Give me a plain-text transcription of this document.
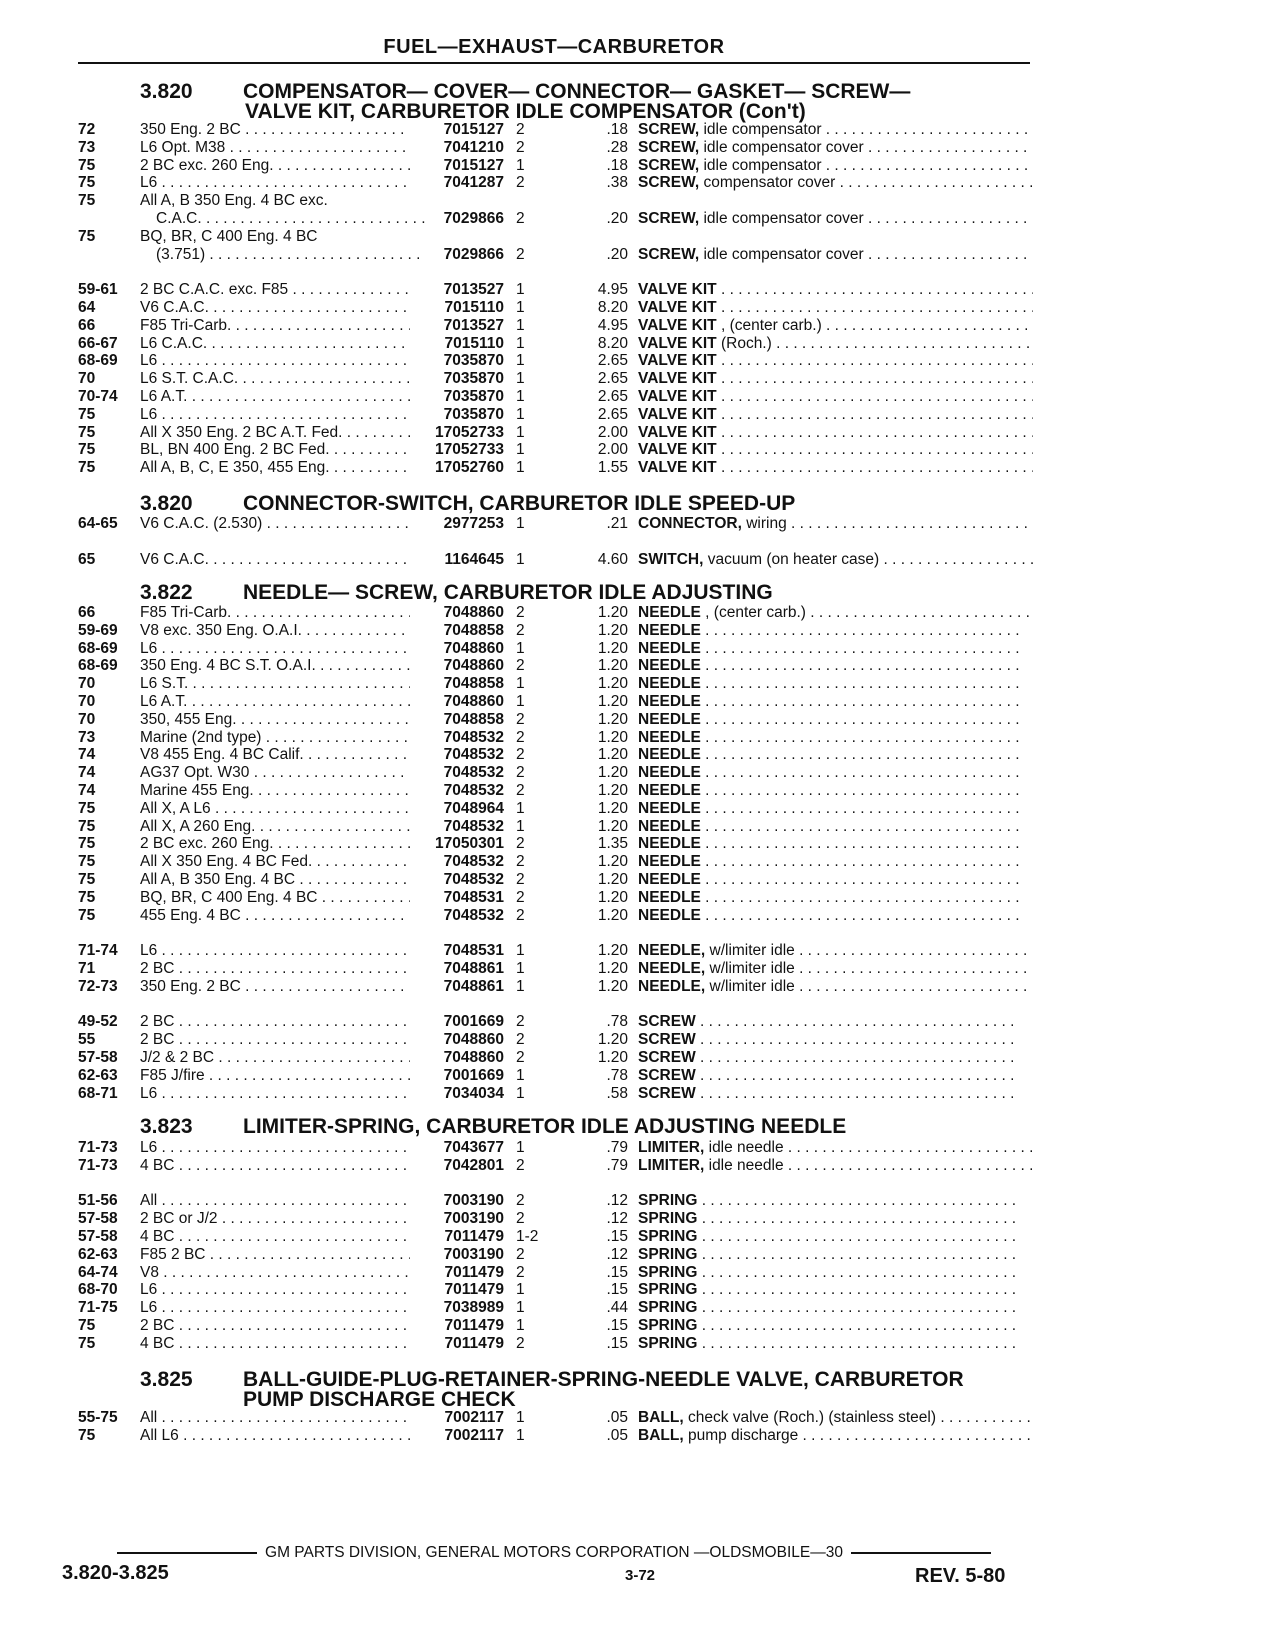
FUEL—EXHAUST—CARBURETOR
3.820 COMPENSATOR— COVER— CONNECTOR— GASKET— SCREW—
VALVE KIT, CARBURETOR IDLE COMPENSATOR (Con't)
72	350 Eng. 2 BC . . .	7015127 2	.18 SCREW, idle compensator . . .
73	L6 Opt. M38 . . .	7041210 2	.28 SCREW, idle compensator cover . . .
75	2 BC exc. 260 Eng. . . .	7015127 1	.18 SCREW, idle compensator . . .
75	L6 . . .	7041287 2	.38 SCREW, compensator cover . . .
75	All A, B 350 Eng. 4 BC exc.
C.A.C. . . .	7029866 2	.20 SCREW, idle compensator cover . . .
75	BQ, BR, C 400 Eng. 4 BC
(3.751) . . .	7029866 2	.20 SCREW, idle compensator cover . . .
59-61 2 BC C.A.C. exc. F85 . . .	7013527 1	4.95 VALVE KIT . . .
64	V6 C.A.C. . . .	7015110 1	8.20 VALVE KIT . . .
66	F85 Tri-Carb. . . .	7013527 1	4.95 VALVE KIT , (center carb.) . . .
66-67 L6 C.A.C. . . .	7015110 1	8.20 VALVE KIT (Roch.) . . .
68-69 L6 . . .	7035870 1	2.65 VALVE KIT . . .
70	L6 S.T. C.A.C. . . .	7035870 1	2.65 VALVE KIT . . .
70-74 L6 A.T. . . .	7035870 1	2.65 VALVE KIT . . .
75	L6 . . .	7035870 1	2.65 VALVE KIT . . .
75	All X 350 Eng. 2 BC A.T. Fed. . . .	17052733 1	2.00 VALVE KIT . . .
75	BL, BN 400 Eng. 2 BC Fed. . . .	17052733 1	2.00 VALVE KIT . . .
75	All A, B, C, E 350, 455 Eng. . . .	17052760 1	1.55 VALVE KIT . . .
3.820 CONNECTOR-SWITCH, CARBURETOR IDLE SPEED-UP
64-65 V6 C.A.C. (2.530) . . .	2977253 1	.21 CONNECTOR, wiring . . .
65	V6 C.A.C. . . .	1164645 1	4.60 SWITCH, vacuum (on heater case) . . .
3.822 NEEDLE— SCREW, CARBURETOR IDLE ADJUSTING
66	F85 Tri-Carb. . . .	7048860 2	1.20 NEEDLE , (center carb.) . . .
59-69 V8 exc. 350 Eng. O.A.I. . . .	7048858 2	1.20 NEEDLE . . .
68-69 L6 . . .	7048860 1	1.20 NEEDLE . . .
68-69 350 Eng. 4 BC S.T. O.A.I. . . .	7048860 2	1.20 NEEDLE . . .
70	L6 S.T. . . .	7048858 1	1.20 NEEDLE . . .
70	L6 A.T. . . .	7048860 1	1.20 NEEDLE . . .
70	350, 455 Eng. . . .	7048858 2	1.20 NEEDLE . . .
73	Marine (2nd type) . . .	7048532 2	1.20 NEEDLE . . .
74	V8 455 Eng. 4 BC Calif. . . .	7048532 2	1.20 NEEDLE . . .
74	AG37 Opt. W30 . . .	7048532 2	1.20 NEEDLE . . .
74	Marine 455 Eng. . . .	7048532 2	1.20 NEEDLE . . .
75	All X, A L6 . . .	7048964 1	1.20 NEEDLE . . .
75	All X, A 260 Eng. . . .	7048532 1	1.20 NEEDLE . . .
75	2 BC exc. 260 Eng. . . .	17050301 2	1.35 NEEDLE . . .
75	All X 350 Eng. 4 BC Fed. . . .	7048532 2	1.20 NEEDLE . . .
75	All A, B 350 Eng. 4 BC . . .	7048532 2	1.20 NEEDLE . . .
75	BQ, BR, C 400 Eng. 4 BC . . .	7048531 2	1.20 NEEDLE . . .
75	455 Eng. 4 BC . . .	7048532 2	1.20 NEEDLE . . .
71-74 L6 . . .	7048531 1	1.20 NEEDLE, w/limiter idle . . .
71	2 BC . . .	7048861 1	1.20 NEEDLE, w/limiter idle . . .
72-73 350 Eng. 2 BC . . .	7048861 1	1.20 NEEDLE, w/limiter idle . . .
49-52 2 BC . . .	7001669 2	.78 SCREW . . .
55	2 BC . . .	7048860 2	1.20 SCREW . . .
57-58 J/2 & 2 BC . . .	7048860 2	1.20 SCREW . . .
62-63 F85 J/fire . . .	7001669 1	.78 SCREW . . .
68-71 L6 . . .	7034034 1	.58 SCREW . . .
3.823 LIMITER-SPRING, CARBURETOR IDLE ADJUSTING NEEDLE
71-73 L6 . . .	7043677 1	.79 LIMITER, idle needle . . .
71-73 4 BC . . .	7042801 2	.79 LIMITER, idle needle . . .
51-56 All . . .	7003190 2	.12 SPRING . . .
57-58 2 BC or J/2 . . .	7003190 2	.12 SPRING . . .
57-58 4 BC . . .	7011479 1-2	.15 SPRING . . .
62-63 F85 2 BC . . .	7003190 2	.12 SPRING . . .
64-74 V8 . . .	7011479 2	.15 SPRING . . .
68-70 L6 . . .	7011479 1	.15 SPRING . . .
71-75 L6 . . .	7038989 1	.44 SPRING . . .
75	2 BC . . .	7011479 1	.15 SPRING . . .
75	4 BC . . .	7011479 2	.15 SPRING . . .
3.825 BALL-GUIDE-PLUG-RETAINER-SPRING-NEEDLE VALVE, CARBURETOR
PUMP DISCHARGE CHECK
55-75 All . . .	7002117 1	.05 BALL, check valve (Roch.) (stainless steel) . . . .
75	All L6 . . .	7002117 1	.05 BALL, pump discharge . . .
GM PARTS DIVISION, GENERAL MOTORS CORPORATION —OLDSMOBILE—30
3.820-3.825	3-72	REV. 5-80
